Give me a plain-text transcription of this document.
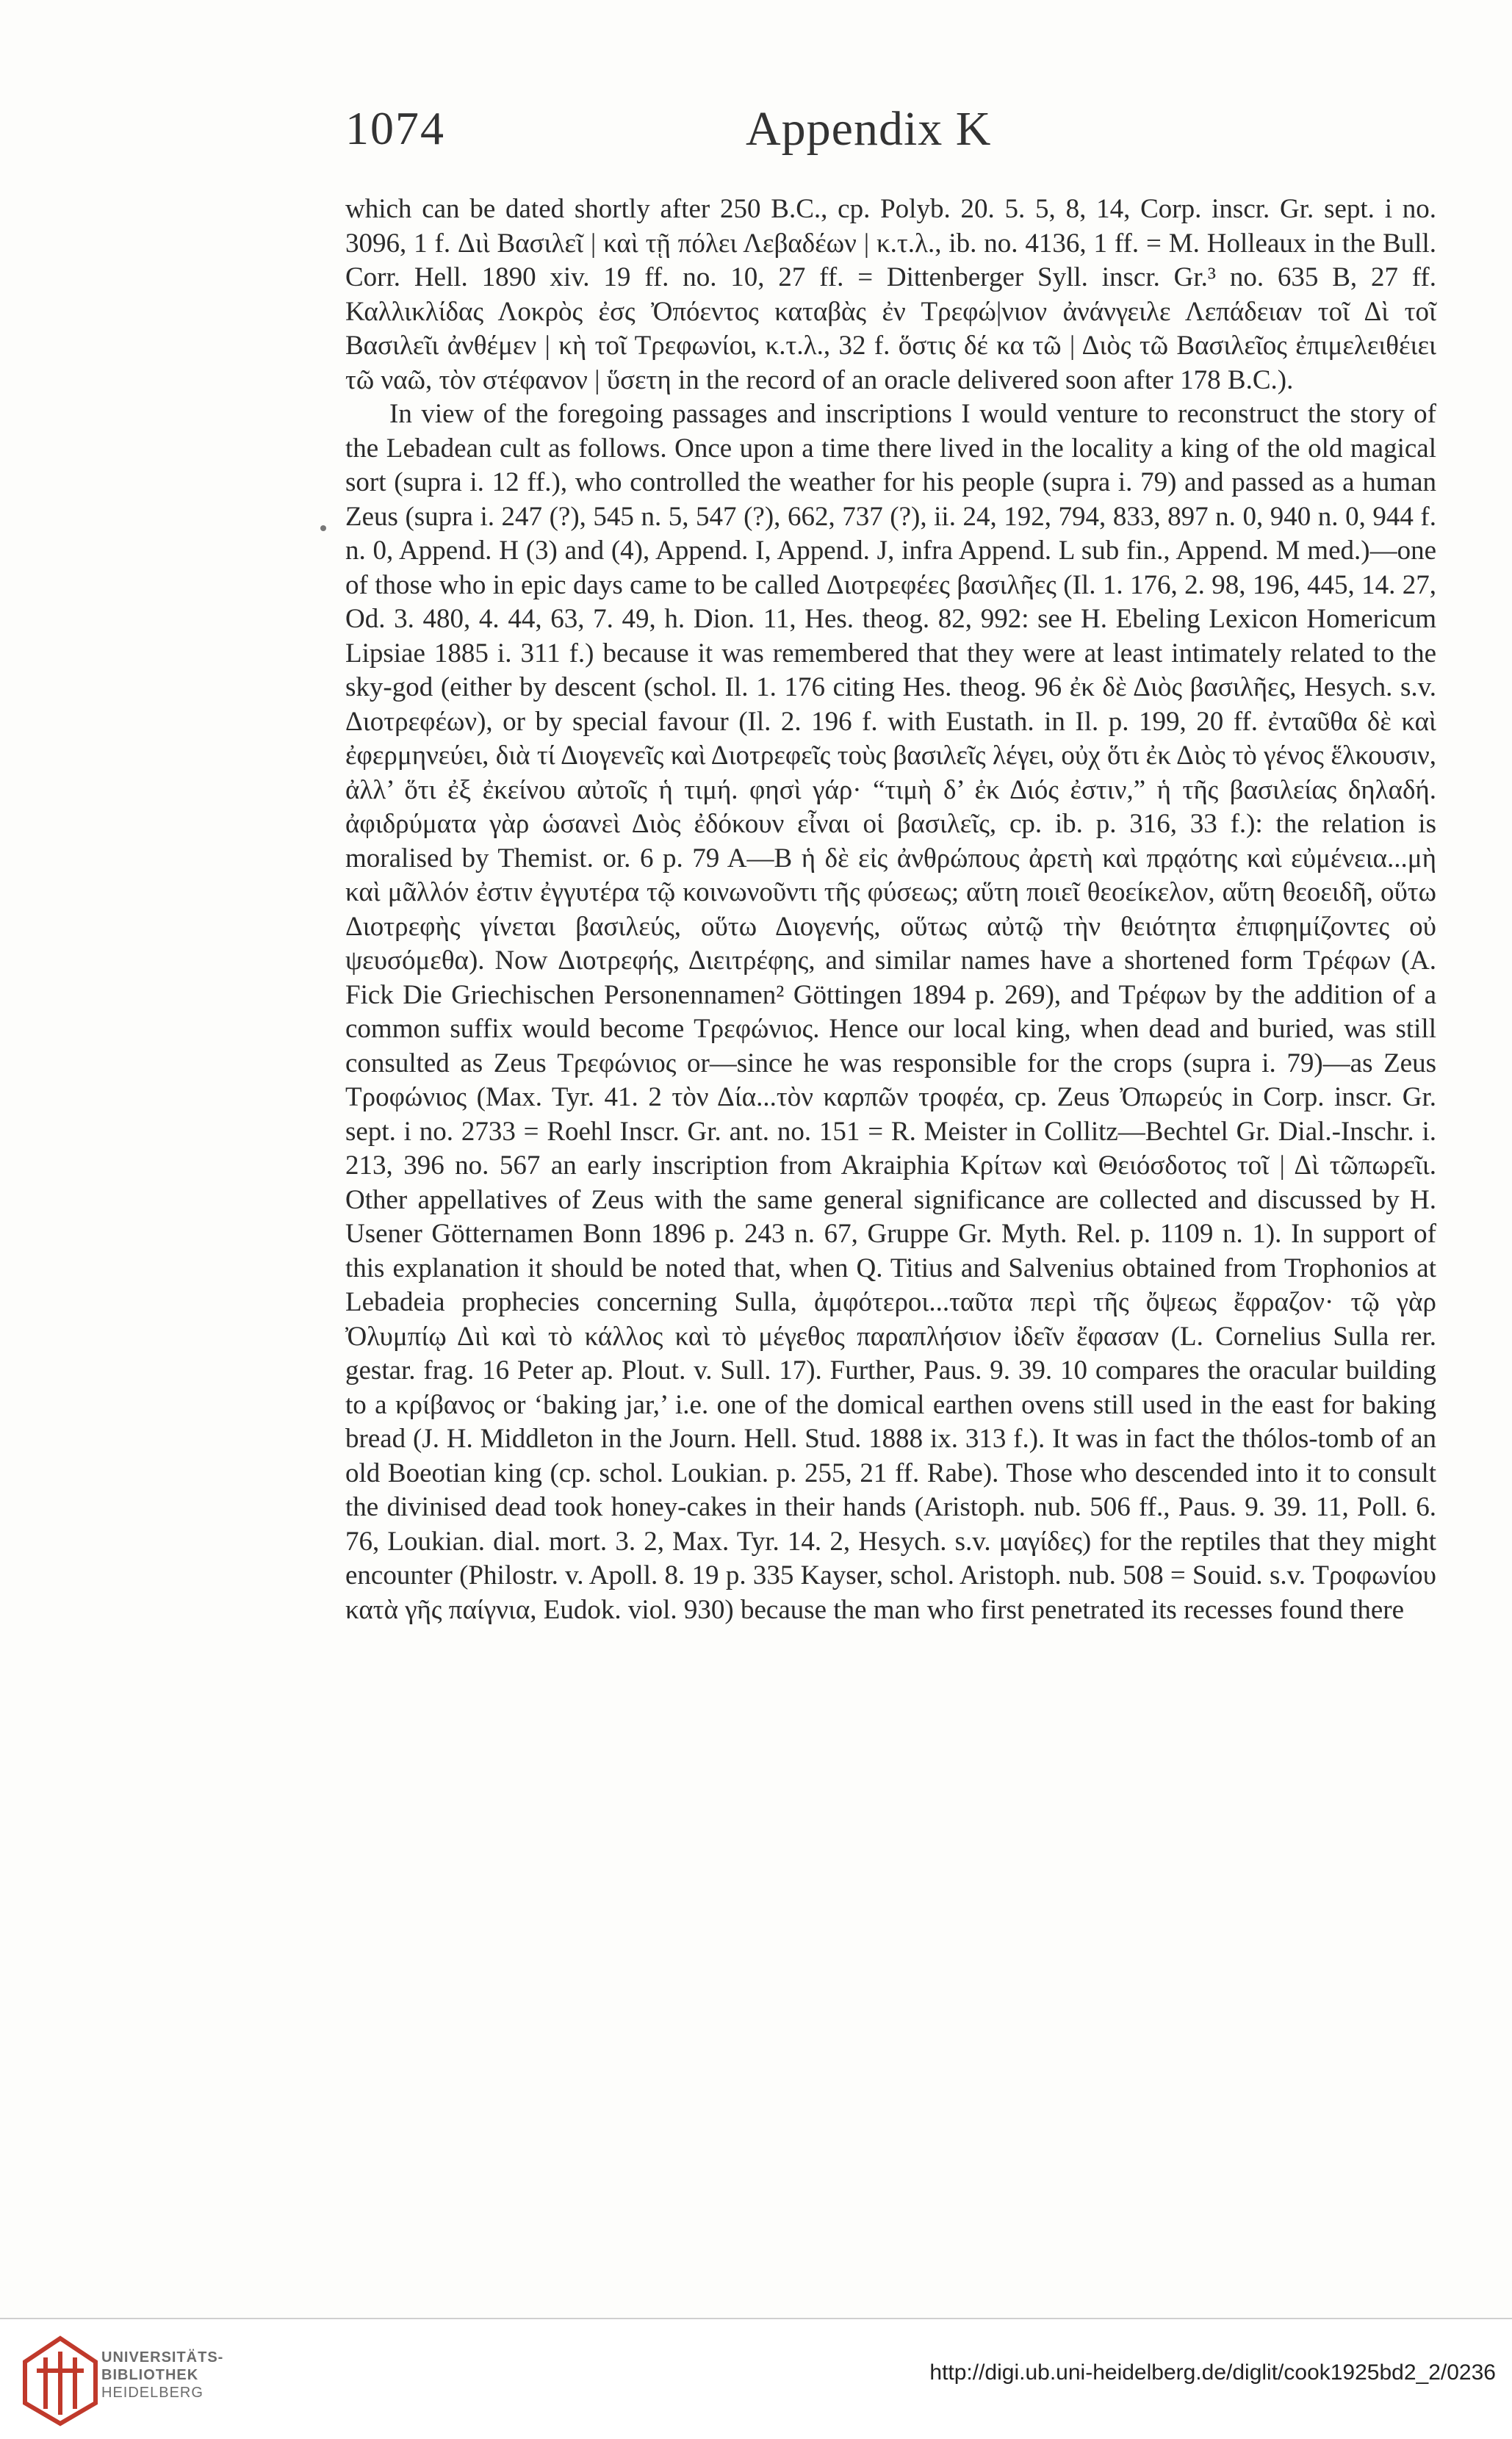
1074	Appendix K

which can be dated shortly after 250 B.C., cp. Polyb. 20. 5. 5, 8, 14, Corp. inscr. Gr. sept. i no. 3096, 1 f. Διὶ Βασιλεῖ | καὶ τῇ πόλει Λεβαδέων | κ.τ.λ., ib. no. 4136, 1 ff. = M. Holleaux in the Bull. Corr. Hell. 1890 xiv. 19 ff. no. 10, 27 ff. = Dittenberger Syll. inscr. Gr.³ no. 635 B, 27 ff. Καλλικλίδας Λοκρὸς ἐσς Ὀπόεντος καταβὰς ἐν Τρεφώ|νιον ἀνάνγειλε Λεπάδειαν τοῖ Δὶ τοῖ Βασιλεῖι ἀνθέμεν | κὴ τοῖ Τρεφωνίοι, κ.τ.λ., 32 f. ὅστις δέ κα τῶ | Διὸς τῶ Βασιλεῖος ἐπιμελειθέιει τῶ ναῶ, τὸν στέφανον | ὕσετη in the record of an oracle delivered soon after 178 B.C.).

In view of the foregoing passages and inscriptions I would venture to reconstruct the story of the Lebadean cult as follows. Once upon a time there lived in the locality a king of the old magical sort (supra i. 12 ff.), who controlled the weather for his people (supra i. 79) and passed as a human Zeus (supra i. 247 (?), 545 n. 5, 547 (?), 662, 737 (?), ii. 24, 192, 794, 833, 897 n. 0, 940 n. 0, 944 f. n. 0, Append. H (3) and (4), Append. I, Append. J, infra Append. L sub fin., Append. M med.)—one of those who in epic days came to be called Διοτρεφέες βασιλῆες (Il. 1. 176, 2. 98, 196, 445, 14. 27, Od. 3. 480, 4. 44, 63, 7. 49, h. Dion. 11, Hes. theog. 82, 992: see H. Ebeling Lexicon Homericum Lipsiae 1885 i. 311 f.) because it was remembered that they were at least intimately related to the sky-god (either by descent (schol. Il. 1. 176 citing Hes. theog. 96 ἐκ δὲ Διὸς βασιλῆες, Hesych. s.v. Διοτρεφέων), or by special favour (Il. 2. 196 f. with Eustath. in Il. p. 199, 20 ff. ἐνταῦθα δὲ καὶ ἐφερμηνεύει, διὰ τί Διογενεῖς καὶ Διοτρεφεῖς τοὺς βασιλεῖς λέγει, οὐχ ὅτι ἐκ Διὸς τὸ γένος ἕλκουσιν, ἀλλ’ ὅτι ἐξ ἐκείνου αὐτοῖς ἡ τιμή. φησὶ γάρ· “τιμὴ δ’ ἐκ Διός ἐστιν,” ἡ τῆς βασιλείας δηλαδή. ἀφιδρύματα γὰρ ὡσανεὶ Διὸς ἐδόκουν εἶναι οἱ βασιλεῖς, cp. ib. p. 316, 33 f.): the relation is moralised by Themist. or. 6 p. 79 A—B ἡ δὲ εἰς ἀνθρώπους ἀρετὴ καὶ πρᾳότης καὶ εὐμένεια...μὴ καὶ μᾶλλόν ἐστιν ἐγγυτέρα τῷ κοινωνοῦντι τῆς φύσεως; αὕτη ποιεῖ θεοείκελον, αὕτη θεοειδῆ, οὕτω Διοτρεφὴς γίνεται βασιλεύς, οὕτω Διογενής, οὕτως αὐτῷ τὴν θειότητα ἐπιφημίζοντες οὐ ψευσόμεθα). Now Διοτρεφής, Διειτρέφης, and similar names have a shortened form Τρέφων (A. Fick Die Griechischen Personennamen² Göttingen 1894 p. 269), and Τρέφων by the addition of a common suffix would become Τρεφώνιος. Hence our local king, when dead and buried, was still consulted as Zeus Τρεφώνιος or—since he was responsible for the crops (supra i. 79)—as Zeus Τροφώνιος (Max. Tyr. 41. 2 τὸν Δία...τὸν καρπῶν τροφέα, cp. Zeus Ὀπωρεύς in Corp. inscr. Gr. sept. i no. 2733 = Roehl Inscr. Gr. ant. no. 151 = R. Meister in Collitz—Bechtel Gr. Dial.-Inschr. i. 213, 396 no. 567 an early inscription from Akraiphia Κρίτων καὶ Θειόσδοτος τοῖ | Δὶ τῶπωρεῖι. Other appellatives of Zeus with the same general significance are collected and discussed by H. Usener Götternamen Bonn 1896 p. 243 n. 67, Gruppe Gr. Myth. Rel. p. 1109 n. 1). In support of this explanation it should be noted that, when Q. Titius and Salvenius obtained from Trophonios at Lebadeia prophecies concerning Sulla, ἀμφότεροι...ταῦτα περὶ τῆς ὄψεως ἔφραζον· τῷ γὰρ Ὀλυμπίῳ Διὶ καὶ τὸ κάλλος καὶ τὸ μέγεθος παραπλήσιον ἰδεῖν ἔφασαν (L. Cornelius Sulla rer. gestar. frag. 16 Peter ap. Plout. v. Sull. 17). Further, Paus. 9. 39. 10 compares the oracular building to a κρίβανος or ‘baking jar,’ i.e. one of the domical earthen ovens still used in the east for baking bread (J. H. Middleton in the Journ. Hell. Stud. 1888 ix. 313 f.). It was in fact the thólos-tomb of an old Boeotian king (cp. schol. Loukian. p. 255, 21 ff. Rabe). Those who descended into it to consult the divinised dead took honey-cakes in their hands (Aristoph. nub. 506 ff., Paus. 9. 39. 11, Poll. 6. 76, Loukian. dial. mort. 3. 2, Max. Tyr. 14. 2, Hesych. s.v. μαγίδες) for the reptiles that they might encounter (Philostr. v. Apoll. 8. 19 p. 335 Kayser, schol. Aristoph. nub. 508 = Souid. s.v. Τροφωνίου κατὰ γῆς παίγνια, Eudok. viol. 930) because the man who first penetrated its recesses found there

UNIVERSITÄTS-
BIBLIOTHEK
HEIDELBERG
http://digi.ub.uni-heidelberg.de/diglit/cook1925bd2_2/0236
